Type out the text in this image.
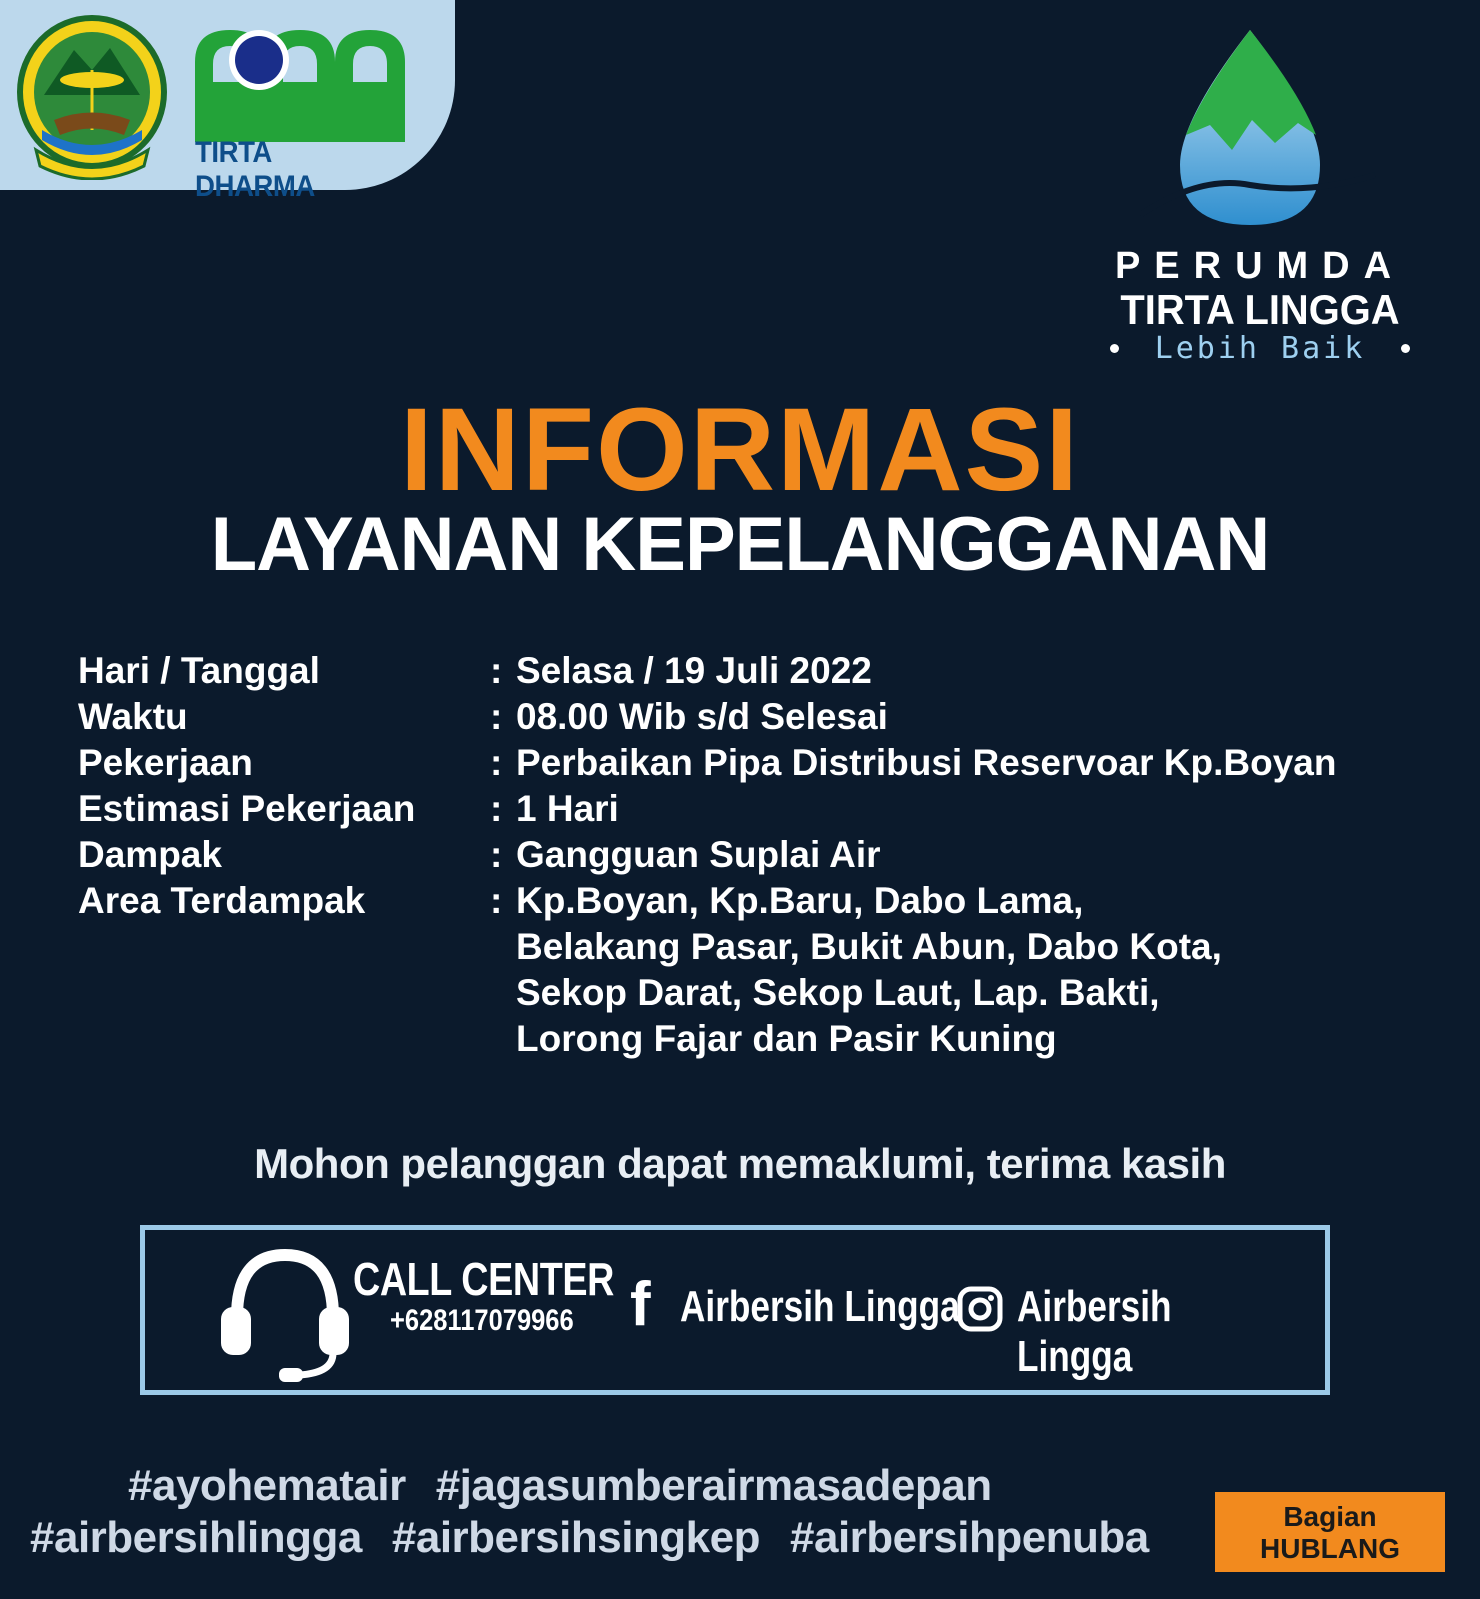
TIRTA DHARMA
PERUMDA
TIRTA LINGGA
Lebih Baik
INFORMASI
LAYANAN KEPELANGGANAN
Hari / Tanggal	: Selasa / 19 Juli 2022
Waktu	: 08.00 Wib s/d Selesai
Pekerjaan	: Perbaikan Pipa Distribusi Reservoar Kp.Boyan
Estimasi Pekerjaan	: 1 Hari
Dampak	: Gangguan Suplai Air
Area Terdampak	: Kp.Boyan, Kp.Baru, Dabo Lama,
Belakang Pasar, Bukit Abun, Dabo Kota,
Sekop Darat, Sekop Laut, Lap. Bakti,
Lorong Fajar dan Pasir Kuning
Mohon pelanggan dapat memaklumi, terima kasih
CALL CENTER
+628117079966 f Airbersih Lingga Airbersih Lingga
#ayohematair #jagasumberairmasadepan
#airbersihlingga #airbersihsingkep #airbersihpenuba	Bagian
HUBLANG
